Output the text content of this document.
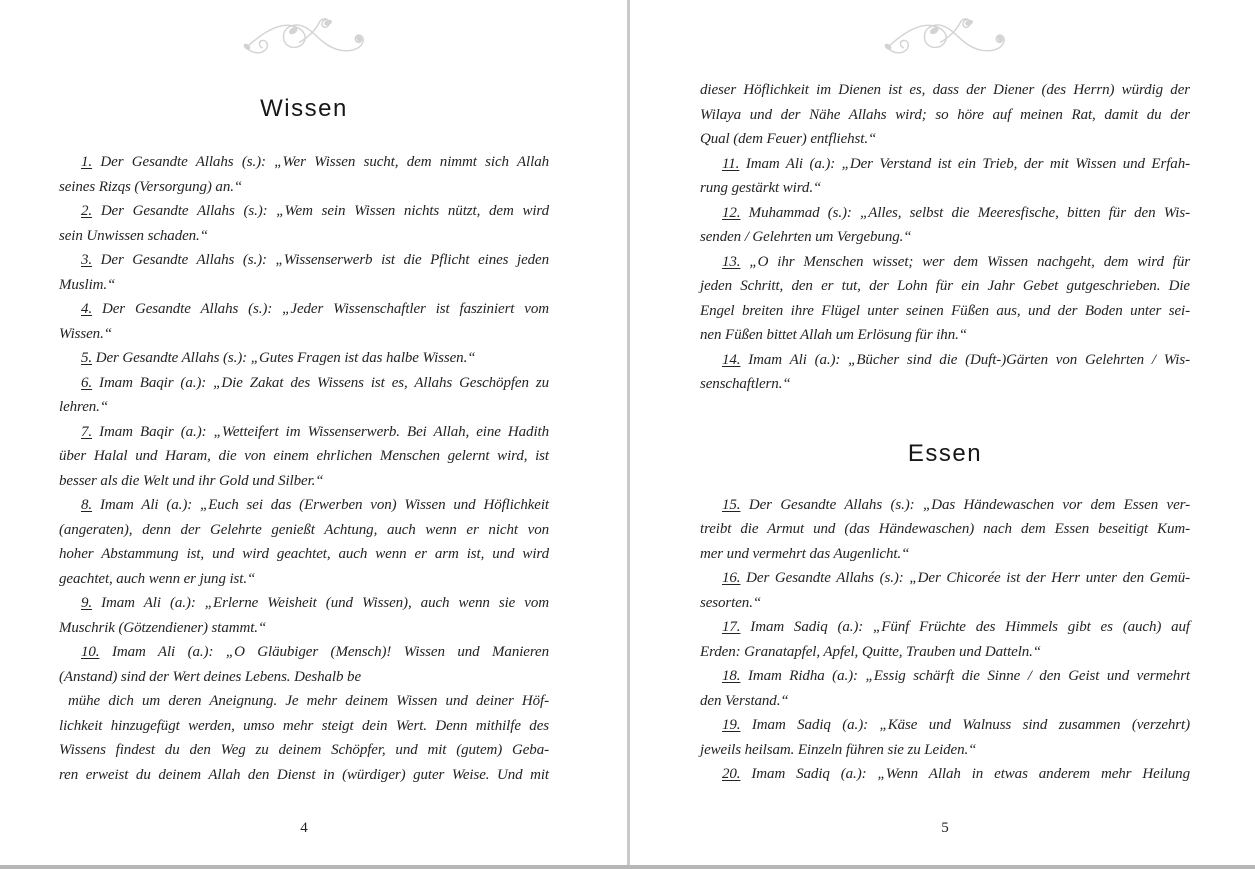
Wissen
1. Der Gesandte Allahs (s.): „Wer Wissen sucht, dem nimmt sich Allah
seines Rizqs (Versorgung) an.“
2. Der Gesandte Allahs (s.): „Wem sein Wissen nichts nützt, dem wird
sein Unwissen schaden.“
3. Der Gesandte Allahs (s.): „Wissenserwerb ist die Pflicht eines jeden
Muslim.“
4. Der Gesandte Allahs (s.): „Jeder Wissenschaftler ist fasziniert vom
Wissen.“
5. Der Gesandte Allahs (s.): „Gutes Fragen ist das halbe Wissen.“
6. Imam Baqir (a.): „Die Zakat des Wissens ist es, Allahs Geschöpfen zu
lehren.“
7. Imam Baqir (a.): „Wetteifert im Wissenserwerb. Bei Allah, eine Hadith
über Halal und Haram, die von einem ehrlichen Menschen gelernt wird, ist
besser als die Welt und ihr Gold und Silber.“
8. Imam Ali (a.): „Euch sei das (Erwerben von) Wissen und Höflichkeit
(angeraten), denn der Gelehrte genießt Achtung, auch wenn er nicht von
hoher Abstammung ist, und wird geachtet, auch wenn er arm ist, und wird
geachtet, auch wenn er jung ist.“
9. Imam Ali (a.): „Erlerne Weisheit (und Wissen), auch wenn sie vom
Muschrik (Götzendiener) stammt.“
10. Imam Ali (a.): „O Gläubiger (Mensch)! Wissen und Manieren
(Anstand) sind der Wert deines Lebens. Deshalb be
mühe dich um deren Aneignung. Je mehr deinem Wissen und deiner Höf-
lichkeit hinzugefügt werden, umso mehr steigt dein Wert. Denn mithilfe des
Wissens findest du den Weg zu deinem Schöpfer, und mit (gutem) Geba-
ren erweist du deinem Allah den Dienst in (würdiger) guter Weise. Und mit
4
dieser Höflichkeit im Dienen ist es, dass der Diener (des Herrn) würdig der
Wilaya und der Nähe Allahs wird; so höre auf meinen Rat, damit du der
Qual (dem Feuer) entfliehst.“
11. Imam Ali (a.): „Der Verstand ist ein Trieb, der mit Wissen und Erfah-
rung gestärkt wird.“
12. Muhammad (s.): „Alles, selbst die Meeresfische, bitten für den Wis-
senden / Gelehrten um Vergebung.“
13. „O ihr Menschen wisset; wer dem Wissen nachgeht, dem wird für
jeden Schritt, den er tut, der Lohn für ein Jahr Gebet gutgeschrieben. Die
Engel breiten ihre Flügel unter seinen Füßen aus, und der Boden unter sei-
nen Füßen bittet Allah um Erlösung für ihn.“
14. Imam Ali (a.): „Bücher sind die (Duft-)Gärten von Gelehrten / Wis-
senschaftlern.“
Essen
15. Der Gesandte Allahs (s.): „Das Händewaschen vor dem Essen ver-
treibt die Armut und (das Händewaschen) nach dem Essen beseitigt Kum-
mer und vermehrt das Augenlicht.“
16. Der Gesandte Allahs (s.): „Der Chicorée ist der Herr unter den Gemü-
sesorten.“
17. Imam Sadiq (a.): „Fünf Früchte des Himmels gibt es (auch) auf
Erden: Granatapfel, Apfel, Quitte, Trauben und Datteln.“
18. Imam Ridha (a.): „Essig schärft die Sinne / den Geist und vermehrt
den Verstand.“
19. Imam Sadiq (a.): „Käse und Walnuss sind zusammen (verzehrt)
jeweils heilsam. Einzeln führen sie zu Leiden.“
20. Imam Sadiq (a.): „Wenn Allah in etwas anderem mehr Heilung
5
